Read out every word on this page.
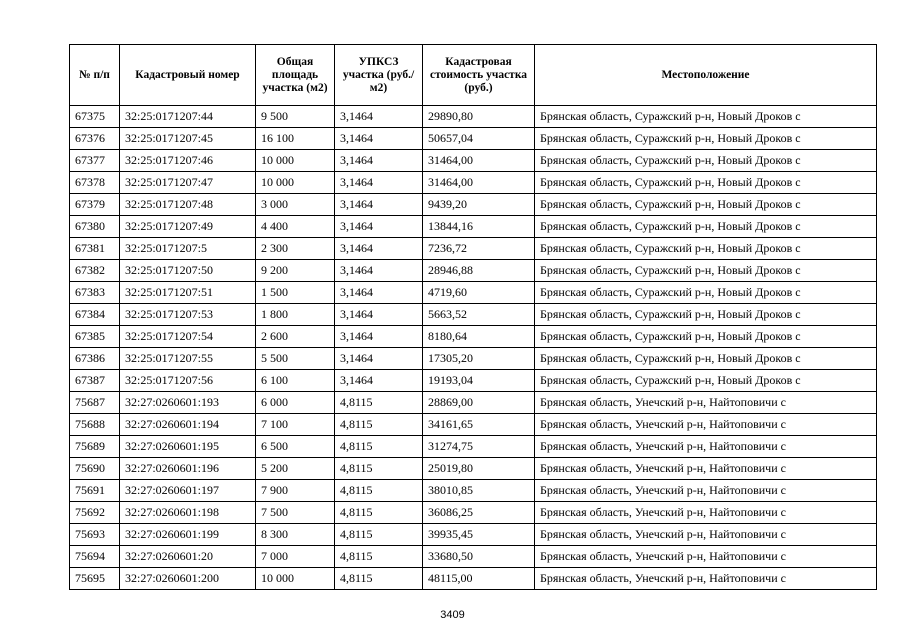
№ п/п	Кадастровый номер	Общая площадь участка (м2)	УПКСЗ участка (руб./м2)	Кадастровая стоимость участка (руб.)	Местоположение
67375	32:25:0171207:44	9 500	3,1464	29890,80	Брянская область, Суражский р-н, Новый Дроков с
67376	32:25:0171207:45	16 100	3,1464	50657,04	Брянская область, Суражский р-н, Новый Дроков с
67377	32:25:0171207:46	10 000	3,1464	31464,00	Брянская область, Суражский р-н, Новый Дроков с
67378	32:25:0171207:47	10 000	3,1464	31464,00	Брянская область, Суражский р-н, Новый Дроков с
67379	32:25:0171207:48	3 000	3,1464	9439,20	Брянская область, Суражский р-н, Новый Дроков с
67380	32:25:0171207:49	4 400	3,1464	13844,16	Брянская область, Суражский р-н, Новый Дроков с
67381	32:25:0171207:5	2 300	3,1464	7236,72	Брянская область, Суражский р-н, Новый Дроков с
67382	32:25:0171207:50	9 200	3,1464	28946,88	Брянская область, Суражский р-н, Новый Дроков с
67383	32:25:0171207:51	1 500	3,1464	4719,60	Брянская область, Суражский р-н, Новый Дроков с
67384	32:25:0171207:53	1 800	3,1464	5663,52	Брянская область, Суражский р-н, Новый Дроков с
67385	32:25:0171207:54	2 600	3,1464	8180,64	Брянская область, Суражский р-н, Новый Дроков с
67386	32:25:0171207:55	5 500	3,1464	17305,20	Брянская область, Суражский р-н, Новый Дроков с
67387	32:25:0171207:56	6 100	3,1464	19193,04	Брянская область, Суражский р-н, Новый Дроков с
75687	32:27:0260601:193	6 000	4,8115	28869,00	Брянская область, Унечский р-н, Найтоповичи с
75688	32:27:0260601:194	7 100	4,8115	34161,65	Брянская область, Унечский р-н, Найтоповичи с
75689	32:27:0260601:195	6 500	4,8115	31274,75	Брянская область, Унечский р-н, Найтоповичи с
75690	32:27:0260601:196	5 200	4,8115	25019,80	Брянская область, Унечский р-н, Найтоповичи с
75691	32:27:0260601:197	7 900	4,8115	38010,85	Брянская область, Унечский р-н, Найтоповичи с
75692	32:27:0260601:198	7 500	4,8115	36086,25	Брянская область, Унечский р-н, Найтоповичи с
75693	32:27:0260601:199	8 300	4,8115	39935,45	Брянская область, Унечский р-н, Найтоповичи с
75694	32:27:0260601:20	7 000	4,8115	33680,50	Брянская область, Унечский р-н, Найтоповичи с
75695	32:27:0260601:200	10 000	4,8115	48115,00	Брянская область, Унечский р-н, Найтоповичи с
3409
